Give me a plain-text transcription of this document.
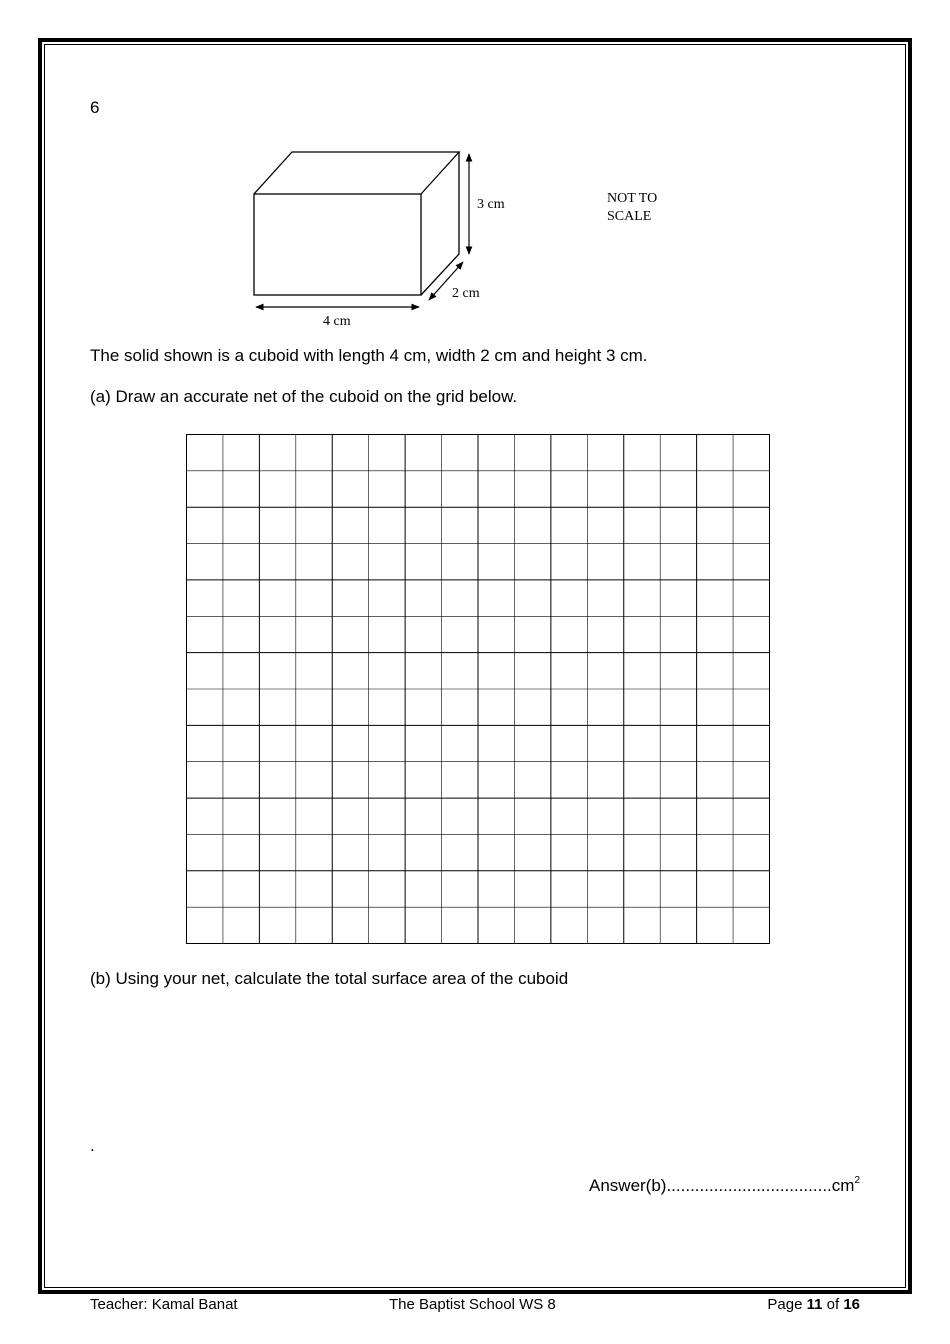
6
3 cm
2 cm
4 cm
NOT TO
SCALE
The solid shown is a cuboid with length 4 cm, width 2 cm and height 3 cm.
(a) Draw an accurate net of the cuboid on the grid below.
(b) Using your net, calculate the total surface area of the cuboid
.
$Answer(b)...................................cm^2$
Teacher: Kamal Banat	The Baptist School WS 8	Page 11 of 16
